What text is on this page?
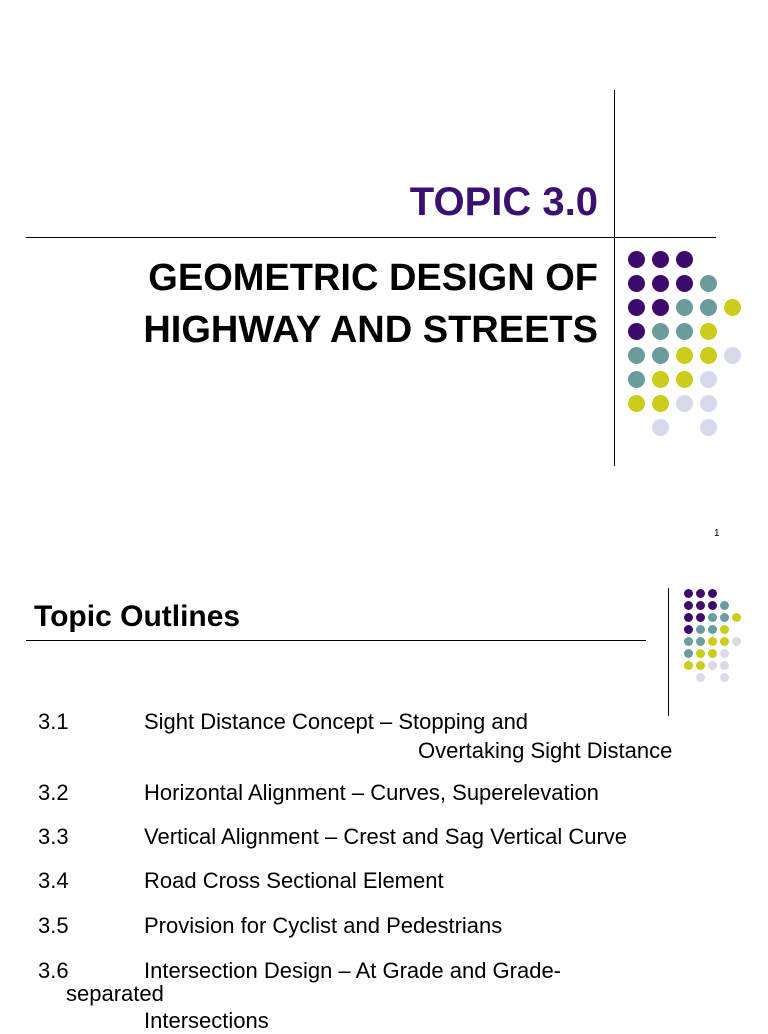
TOPIC 3.0
GEOMETRIC DESIGN OF
HIGHWAY AND STREETS
1
Topic Outlines
3.1	Sight Distance Concept – Stopping and
Overtaking Sight Distance
3.2	Horizontal Alignment – Curves, Superelevation
3.3	Vertical Alignment – Crest and Sag Vertical Curve
3.4	Road Cross Sectional Element
3.5	Provision for Cyclist and Pedestrians
3.6	Intersection Design – At Grade and Grade-
separated
Intersections
